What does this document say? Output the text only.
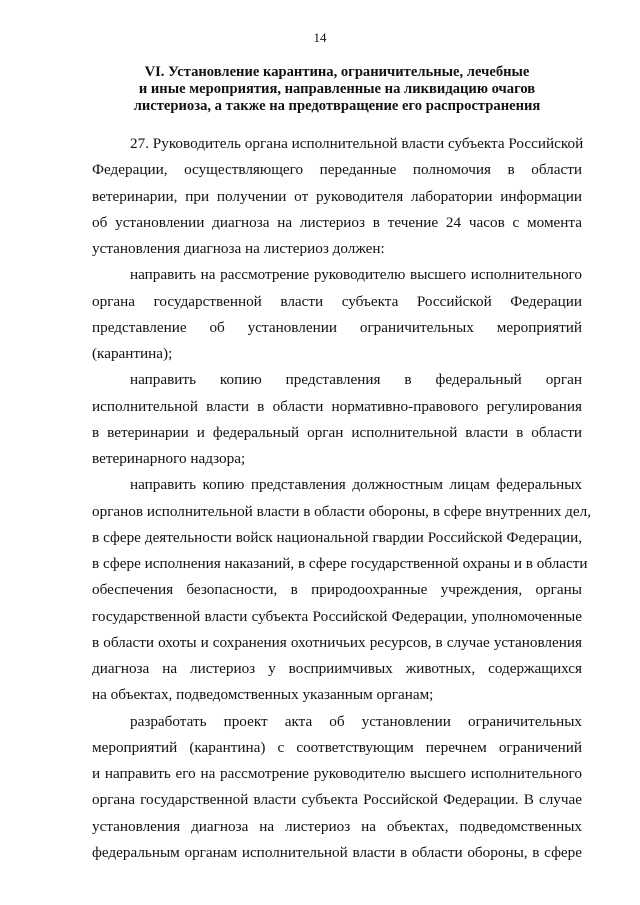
14
VI. Установление карантина, ограничительные, лечебные
и иные мероприятия, направленные на ликвидацию очагов
листериоза, а также на предотвращение его распространения

27. Руководитель органа исполнительной власти субъекта Российской
Федерации, осуществляющего переданные полномочия в области
ветеринарии, при получении от руководителя лаборатории информации
об установлении диагноза на листериоз в течение 24 часов с момента
установления диагноза на листериоз должен:

направить на рассмотрение руководителю высшего исполнительного
органа государственной власти субъекта Российской Федерации
представление об установлении ограничительных мероприятий
(карантина);

направить копию представления в федеральный орган
исполнительной власти в области нормативно-правового регулирования
в ветеринарии и федеральный орган исполнительной власти в области
ветеринарного надзора;

направить копию представления должностным лицам федеральных
органов исполнительной власти в области обороны, в сфере внутренних дел,
в сфере деятельности войск национальной гвардии Российской Федерации,
в сфере исполнения наказаний, в сфере государственной охраны и в области
обеспечения безопасности, в природоохранные учреждения, органы
государственной власти субъекта Российской Федерации, уполномоченные
в области охоты и сохранения охотничьих ресурсов, в случае установления
диагноза на листериоз у восприимчивых животных, содержащихся
на объектах, подведомственных указанным органам;

разработать проект акта об установлении ограничительных
мероприятий (карантина) с соответствующим перечнем ограничений
и направить его на рассмотрение руководителю высшего исполнительного
органа государственной власти субъекта Российской Федерации. В случае
установления диагноза на листериоз на объектах, подведомственных
федеральным органам исполнительной власти в области обороны, в сфере
